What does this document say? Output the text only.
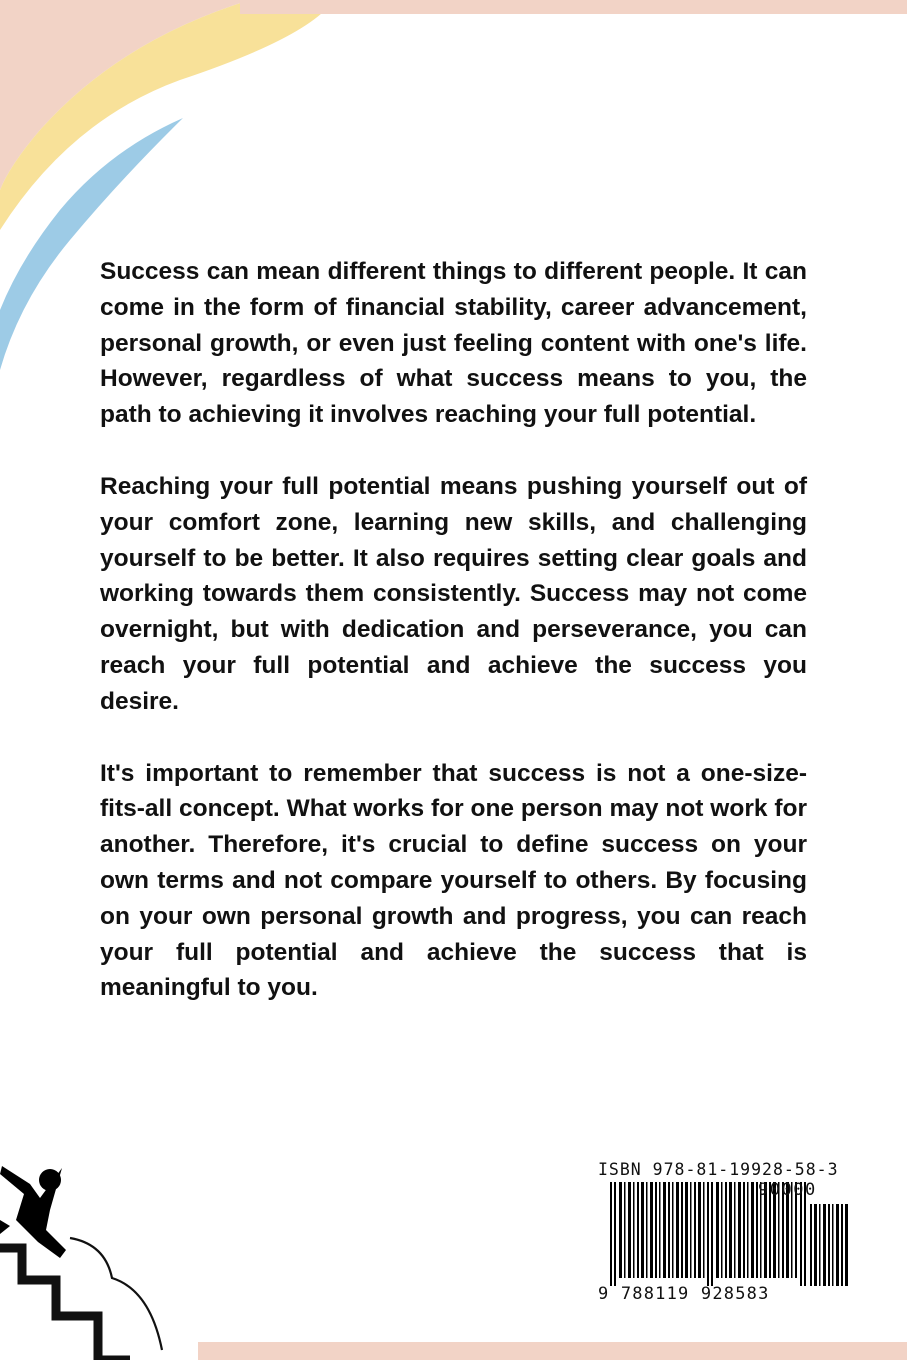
Success can mean different things to different people. It can come in the form of financial stability, career advancement, personal growth, or even just feeling content with one's life. However, regardless of what success means to you, the path to achieving it involves reaching your full potential.

Reaching your full potential means pushing yourself out of your comfort zone, learning new skills, and challenging yourself to be better. It also requires setting clear goals and working towards them consistently. Success may not come overnight, but with dedication and perseverance, you can reach your full potential and achieve the success you desire.

It's important to remember that success is not a one-size-fits-all concept. What works for one person may not work for another. Therefore, it's crucial to define success on your own terms and not compare yourself to others. By focusing on your own personal growth and progress, you can reach your full potential and achieve the success that is meaningful to you.

ISBN 978-81-19928-58-3
90000
9 788119 928583
